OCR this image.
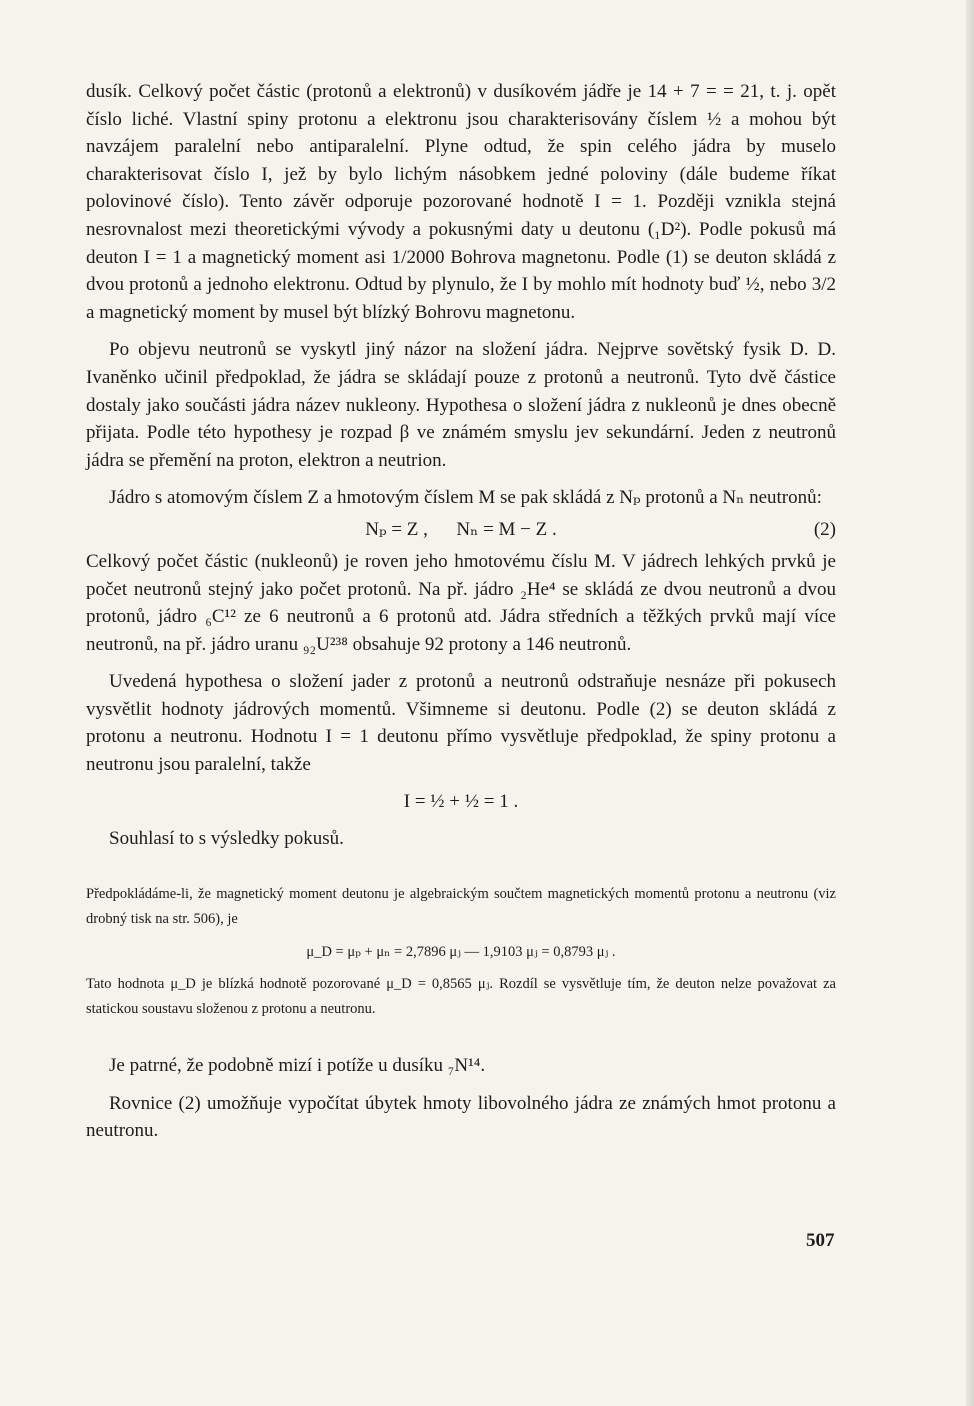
dusík. Celkový počet částic (protonů a elektronů) v dusíkovém jádře je 14 + 7 = = 21, t. j. opět číslo liché. Vlastní spiny protonu a elektronu jsou charakterisovány číslem ½ a mohou být navzájem paralelní nebo antiparalelní. Plyne odtud, že spin celého jádra by muselo charakterisovat číslo I, jež by bylo lichým násobkem jedné poloviny (dále budeme říkat polovinové číslo). Tento závěr odporuje pozorované hodnotě I = 1. Později vznikla stejná nesrovnalost mezi theoretickými výv​ody a pokusnými daty u deutonu (₁D²). Podle pokusů má deuton I = 1 a magnetický moment asi 1/2000 Bohrova magnetonu. Podle (1) se deuton skládá z dvou protonů a jednoho elektronu. Odtud by plynulo, že I by mohlo mít hodnoty buď ½, nebo 3/2 a magnetický moment by musel být blízký Bohrovu magnetonu.

Po objevu neutronů se vyskytl jiný názor na složení jádra. Nejprve sovětský fysik D. D. Ivaněnko učinil předpoklad, že jádra se skládají pouze z protonů a neutronů. Tyto dvě částice dostaly jako součásti jádra název nukleony. Hypothesa o složení jádra z nukleonů je dnes obecně přijata. Podle této hypothesy je rozpad β ve známém smyslu jev sekundární. Jeden z neutronů jádra se přemění na proton, elektron a neutrion.

Jádro s atomovým číslem Z a hmotovým číslem M se pak skládá z Nₚ protonů a Nₙ neutronů:

Nₚ = Z ,      Nₙ = M − Z .	(2)

Celkový počet částic (nukleonů) je roven jeho hmotovému číslu M. V jádrech lehkých prvků je počet neutronů stejný jako počet protonů. Na př. jádro ₂He⁴ se skládá ze dvou neutronů a dvou protonů, jádro ₆C¹² ze 6 neutronů a 6 protonů atd. Jádra středních a těžkých prvků mají více neutronů, na př. jádro uranu ₉₂U²³⁸ obsahuje 92 protony a 146 neutronů.

Uvedená hypothesa o složení jader z protonů a neutronů odstraňuje nesnáze při pokusech vysvětlit hodnoty jádrových momentů. Všimneme si deutonu. Podle (2) se deuton skládá z protonu a neutronu. Hodnotu I = 1 deutonu přímo vysvětluje předpoklad, že spiny protonu a neutronu jsou paralelní, takže

I = ½ + ½ = 1 .

Souhlasí to s výsledky pokusů.

Předpokládáme-li, že magnetický moment deutonu je algebraickým součtem magnetických momentů protonu a neutronu (viz drobný tisk na str. 506), je

μ_D = μₚ + μₙ = 2,7896 μⱼ — 1,9103 μⱼ = 0,8793 μⱼ .

Tato hodnota μ_D je blízká hodnotě pozorované μ_D = 0,8565 μⱼ. Rozdíl se vysvětluje tím, že deuton nelze považovat za statickou soustavu složenou z protonu a neutronu.

Je patrné, že podobně mizí i potíže u dusíku ₇N¹⁴.

Rovnice (2) umožňuje vypočítat úbytek hmoty libovolného jádra ze známých hmot protonu a neutronu.

507
